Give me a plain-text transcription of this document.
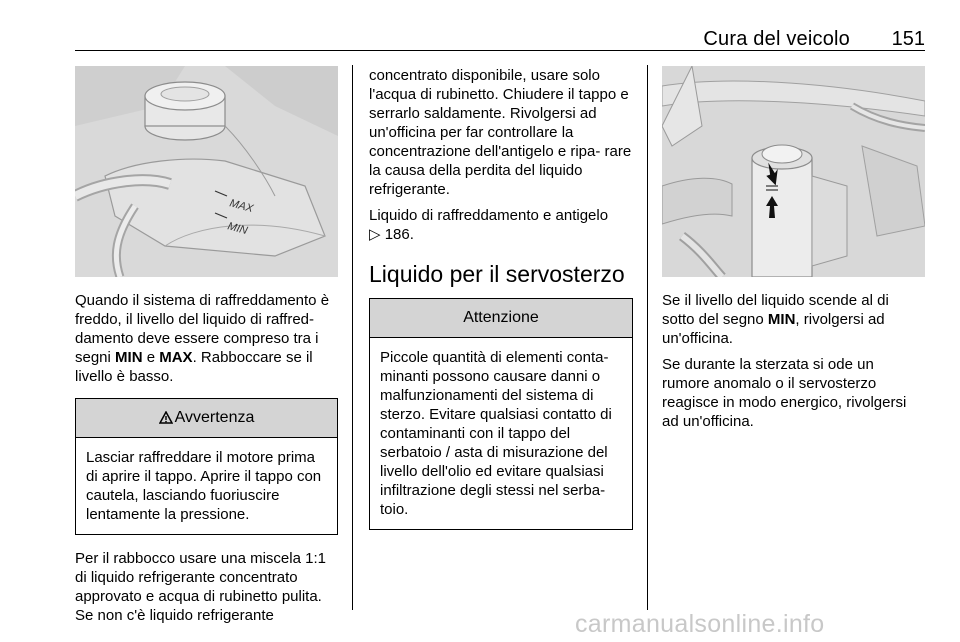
Cura del veicolo 151
MAX
MIN

Quando il sistema di raffreddamento è freddo, il livello del liquido di raffred- damento deve essere compreso tra i segni MIN e MAX. Rabboccare se il livello è basso.

Avvertenza
Lasciar raffreddare il motore prima di aprire il tappo. Aprire il tappo con cautela, lasciando fuoriuscire lentamente la pressione.

Per il rabbocco usare una miscela 1:1 di liquido refrigerante concentrato approvato e acqua di rubinetto pulita. Se non c'è liquido refrigerante

concentrato disponibile, usare solo l'acqua di rubinetto. Chiudere il tappo e serrarlo saldamente. Rivolgersi ad un'officina per far controllare la concentrazione dell'antigelo e ripa- rare la causa della perdita del liquido refrigerante.

Liquido di raffreddamento e antigelo
▷ 186.

Liquido per il servosterzo
Attenzione
Piccole quantità di elementi conta- minanti possono causare danni o malfunzionamenti del sistema di sterzo. Evitare qualsiasi contatto di contaminanti con il tappo del serbatoio / asta di misurazione del livello dell'olio ed evitare qualsiasi infiltrazione degli stessi nel serba- toio.

Se il livello del liquido scende al di sotto del segno MIN, rivolgersi ad un'officina.

Se durante la sterzata si ode un rumore anomalo o il servosterzo reagisce in modo energico, rivolgersi ad un'officina.

carmanualsonline.info
